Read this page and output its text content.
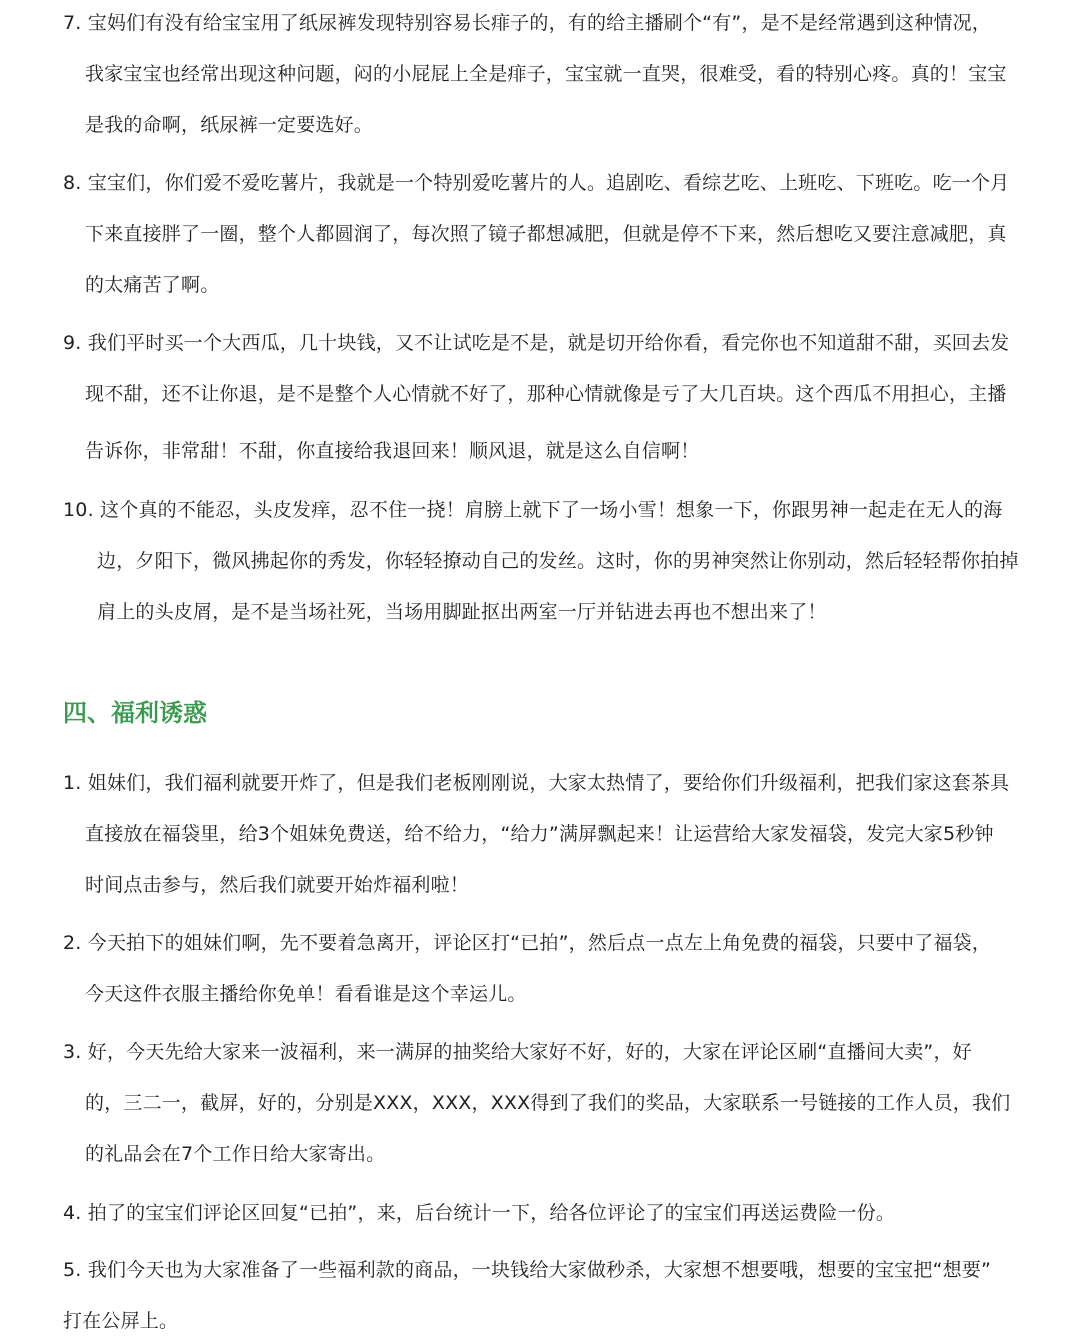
7. 宝妈们有没有给宝宝用了纸尿裤发现特别容易长痱子的，有的给主播刷个“有”，是不是经常遇到这种情况，
我家宝宝也经常出现这种问题，闷的小屁屁上全是痱子，宝宝就一直哭，很难受，看的特别心疼。真的！宝宝
是我的命啊，纸尿裤一定要选好。
8. 宝宝们，你们爱不爱吃薯片，我就是一个特别爱吃薯片的人。追剧吃、看综艺吃、上班吃、下班吃。吃一个月
下来直接胖了一圈，整个人都圆润了，每次照了镜子都想减肥，但就是停不下来，然后想吃又要注意减肥，真
的太痛苦了啊。
9. 我们平时买一个大西瓜，几十块钱，又不让试吃是不是，就是切开给你看，看完你也不知道甜不甜，买回去发
现不甜，还不让你退，是不是整个人心情就不好了，那种心情就像是亏了大几百块。这个西瓜不用担心，主播
告诉你，非常甜！不甜，你直接给我退回来！顺风退，就是这么自信啊！
10. 这个真的不能忍，头皮发痒，忍不住一挠！肩膀上就下了一场小雪！想象一下，你跟男神一起走在无人的海
边，夕阳下，微风拂起你的秀发，你轻轻撩动自己的发丝。这时，你的男神突然让你别动，然后轻轻帮你拍掉
肩上的头皮屑，是不是当场社死，当场用脚趾抠出两室一厅并钻进去再也不想出来了！
四、福利诱惑
1. 姐妹们，我们福利就要开炸了，但是我们老板刚刚说，大家太热情了，要给你们升级福利，把我们家这套茶具
直接放在福袋里，给3个姐妹免费送，给不给力，“给力”满屏飘起来！让运营给大家发福袋，发完大家5秒钟
时间点击参与，然后我们就要开始炸福利啦！
2. 今天拍下的姐妹们啊，先不要着急离开，评论区打“已拍”，然后点一点左上角免费的福袋，只要中了福袋，
今天这件衣服主播给你免单！看看谁是这个幸运儿。
3. 好，今天先给大家来一波福利，来一满屏的抽奖给大家好不好，好的，大家在评论区刷“直播间大卖”，好
的，三二一，截屏，好的，分别是XXX，XXX，XXX得到了我们的奖品，大家联系一号链接的工作人员，我们
的礼品会在7个工作日给大家寄出。
4. 拍了的宝宝们评论区回复“已拍”，来，后台统计一下，给各位评论了的宝宝们再送运费险一份。
5. 我们今天也为大家准备了一些福利款的商品，一块钱给大家做秒杀，大家想不想要哦，想要的宝宝把“想要”
打在公屏上。
